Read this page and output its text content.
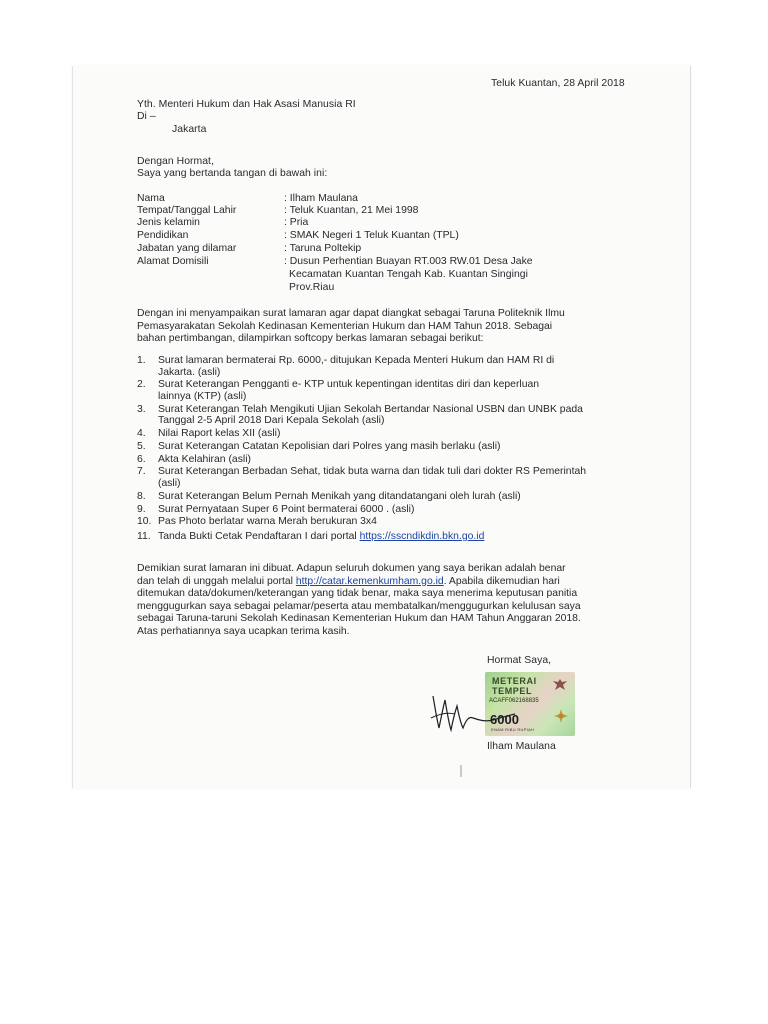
Teluk Kuantan, 28 April 2018
Yth. Menteri Hukum dan Hak Asasi Manusia RI
Di –
Jakarta
Dengan Hormat,
Saya yang bertanda tangan di bawah ini:
Nama	: Ilham Maulana
Tempat/Tanggal Lahir	: Teluk Kuantan, 21 Mei 1998
Jenis kelamin	: Pria
Pendidikan	: SMAK Negeri 1 Teluk Kuantan (TPL)
Jabatan yang dilamar	: Taruna Poltekip
Alamat Domisili	: Dusun Perhentian Buayan RT.003 RW.01 Desa Jake
Kecamatan Kuantan Tengah Kab. Kuantan Singingi
Prov.Riau
Dengan ini menyampaikan surat lamaran agar dapat diangkat sebagai Taruna Politeknik Ilmu
Pemasyarakatan Sekolah Kedinasan Kementerian Hukum dan HAM Tahun 2018. Sebagai
bahan pertimbangan, dilampirkan softcopy berkas lamaran sebagai berikut:
1. Surat lamaran bermaterai Rp. 6000,- ditujukan Kepada Menteri Hukum dan HAM RI di
Jakarta. (asli)
2. Surat Keterangan Pengganti e- KTP untuk kepentingan identitas diri dan keperluan
lainnya (KTP) (asli)
3. Surat Keterangan Telah Mengikuti Ujian Sekolah Bertandar Nasional USBN dan UNBK pada
Tanggal 2-5 April 2018 Dari Kepala Sekolah (asli)
4. Nilai Raport kelas XII (asli)
5. Surat Keterangan Catatan Kepolisian dari Polres yang masih berlaku (asli)
6. Akta Kelahiran (asli)
7. Surat Keterangan Berbadan Sehat, tidak buta warna dan tidak tuli dari dokter RS Pemerintah
(asli)
8. Surat Keterangan Belum Pernah Menikah yang ditandatangani oleh lurah (asli)
9. Surat Pernyataan Super 6 Point bermaterai 6000 . (asli)
10. Pas Photo berlatar warna Merah berukuran 3x4
11. Tanda Bukti Cetak Pendaftaran I dari portal https://sscndikdin.bkn.go.id
Demikian surat lamaran ini dibuat. Adapun seluruh dokumen yang saya berikan adalah benar
dan telah di unggah melalui portal http://catar.kemenkumham.go.id. Apabila dikemudian hari
ditemukan data/dokumen/keterangan yang tidak benar, maka saya menerima keputusan panitia
menggugurkan saya sebagai pelamar/peserta atau membatalkan/menggugurkan kelulusan saya
sebagai Taruna-taruni Sekolah Kedinasan Kementerian Hukum dan HAM Tahun Anggaran 2018.
Atas perhatiannya saya ucapkan terima kasih.
Hormat Saya,
METERAI
TEMPEL
ACAFF062168835
6000
ENAM RIBU RUPIAH
Ilham Maulana
